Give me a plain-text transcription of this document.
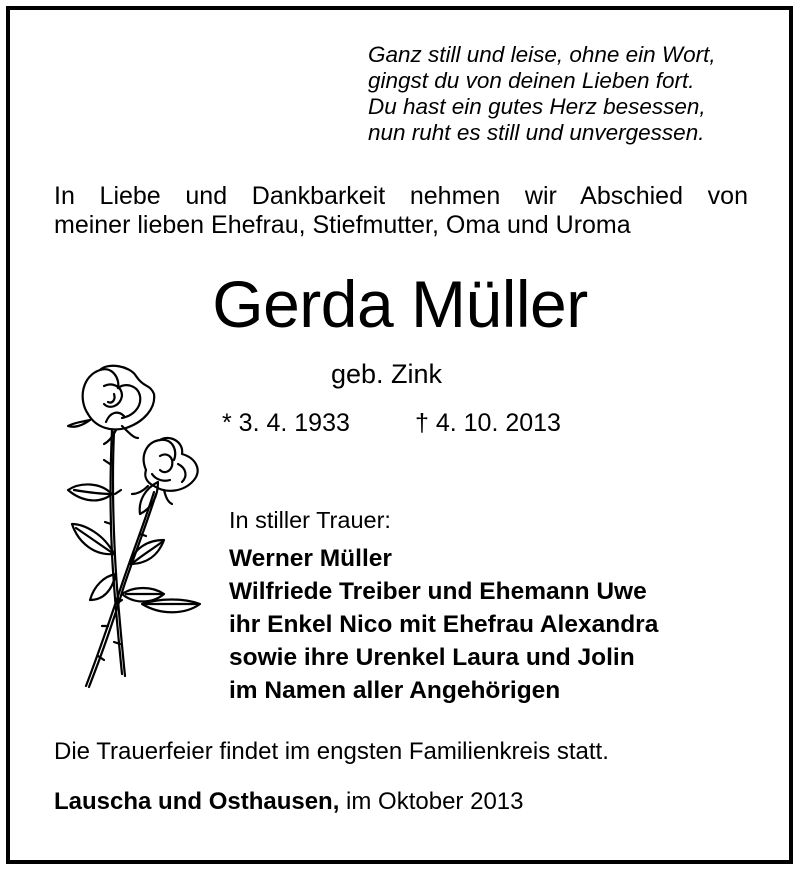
Ganz still und leise, ohne ein Wort,
gingst du von deinen Lieben fort.
Du hast ein gutes Herz besessen,
nun ruht es still und unvergessen.
In Liebe und Dankbarkeit nehmen wir Abschied von
meiner lieben Ehefrau, Stiefmutter, Oma und Uroma
Gerda Müller
geb. Zink
* 3. 4. 1933	† 4. 10. 2013
In stiller Trauer:
Werner Müller
Wilfriede Treiber und Ehemann Uwe
ihr Enkel Nico mit Ehefrau Alexandra
sowie ihre Urenkel Laura und Jolin
im Namen aller Angehörigen
Die Trauerfeier findet im engsten Familienkreis statt.
Lauscha und Osthausen, im Oktober 2013
